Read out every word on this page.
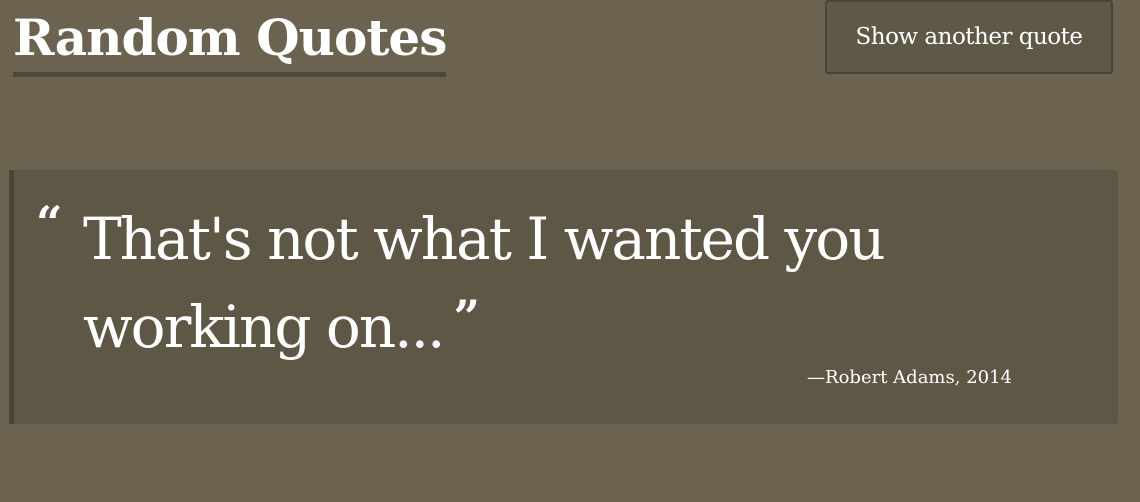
Random Quotes	Show another quote
“ That's not what I wanted you working on... ”

—Robert Adams, 2014
